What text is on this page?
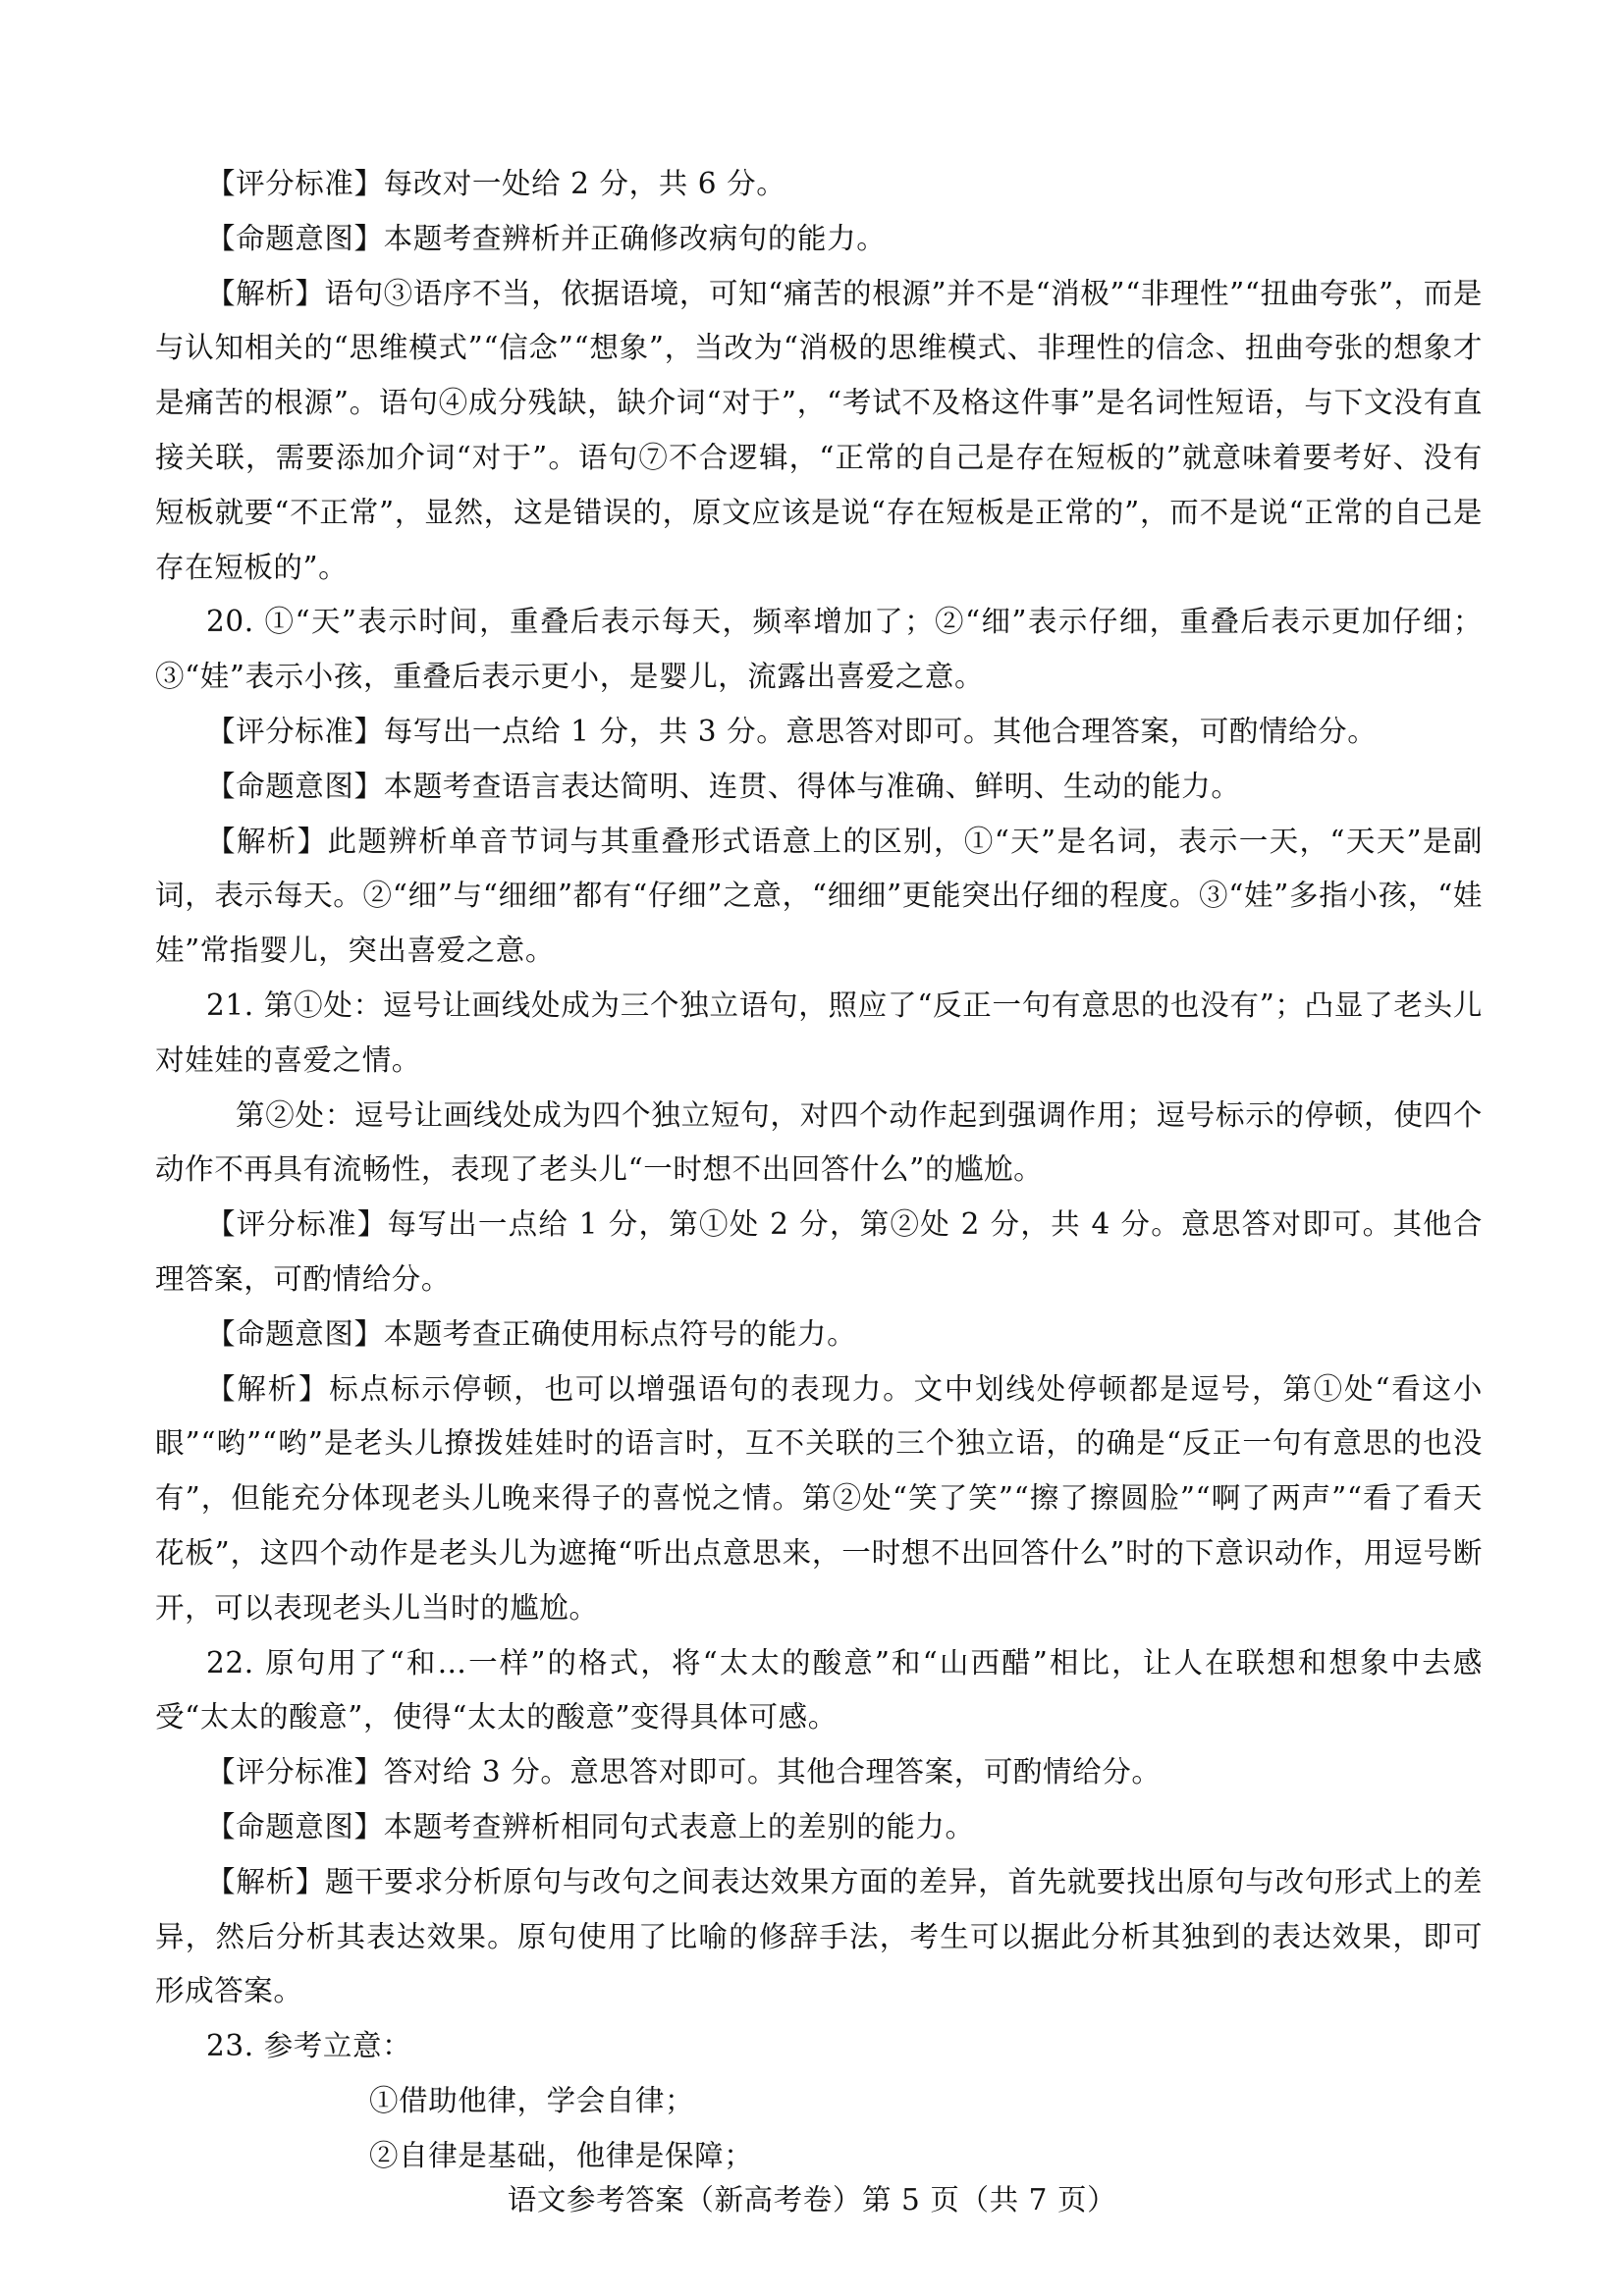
【评分标准】每改对一处给 2 分，共 6 分。

【命题意图】本题考查辨析并正确修改病句的能力。

【解析】语句③语序不当，依据语境，可知“痛苦的根源”并不是“消极”“非理性”“扭曲夸张”，而是与认知相关的“思维模式”“信念”“想象”，当改为“消极的思维模式、非理性的信念、扭曲夸张的想象才是痛苦的根源”。语句④成分残缺，缺介词“对于”，“考试不及格这件事”是名词性短语，与下文没有直接关联，需要添加介词“对于”。语句⑦不合逻辑，“正常的自己是存在短板的”就意味着要考好、没有短板就要“不正常”，显然，这是错误的，原文应该是说“存在短板是正常的”，而不是说“正常的自己是存在短板的”。

20. ①“天”表示时间，重叠后表示每天，频率增加了；②“细”表示仔细，重叠后表示更加仔细；③“娃”表示小孩，重叠后表示更小，是婴儿，流露出喜爱之意。

【评分标准】每写出一点给 1 分，共 3 分。意思答对即可。其他合理答案，可酌情给分。

【命题意图】本题考查语言表达简明、连贯、得体与准确、鲜明、生动的能力。

【解析】此题辨析单音节词与其重叠形式语意上的区别，①“天”是名词，表示一天，“天天”是副词，表示每天。②“细”与“细细”都有“仔细”之意，“细细”更能突出仔细的程度。③“娃”多指小孩，“娃娃”常指婴儿，突出喜爱之意。

21. 第①处：逗号让画线处成为三个独立语句，照应了“反正一句有意思的也没有”；凸显了老头儿对娃娃的喜爱之情。

第②处：逗号让画线处成为四个独立短句，对四个动作起到强调作用；逗号标示的停顿，使四个动作不再具有流畅性，表现了老头儿“一时想不出回答什么”的尴尬。

【评分标准】每写出一点给 1 分，第①处 2 分，第②处 2 分，共 4 分。意思答对即可。其他合理答案，可酌情给分。

【命题意图】本题考查正确使用标点符号的能力。

【解析】标点标示停顿，也可以增强语句的表现力。文中划线处停顿都是逗号，第①处“看这小眼”“哟”“哟”是老头儿撩拨娃娃时的语言时，互不关联的三个独立语，的确是“反正一句有意思的也没有”，但能充分体现老头儿晚来得子的喜悦之情。第②处“笑了笑”“擦了擦圆脸”“啊了两声”“看了看天花板”，这四个动作是老头儿为遮掩“听出点意思来，一时想不出回答什么”时的下意识动作，用逗号断开，可以表现老头儿当时的尴尬。

22. 原句用了“和…一样”的格式，将“太太的酸意”和“山西醋”相比，让人在联想和想象中去感受“太太的酸意”，使得“太太的酸意”变得具体可感。

【评分标准】答对给 3 分。意思答对即可。其他合理答案，可酌情给分。

【命题意图】本题考查辨析相同句式表意上的差别的能力。

【解析】题干要求分析原句与改句之间表达效果方面的差异，首先就要找出原句与改句形式上的差异，然后分析其表达效果。原句使用了比喻的修辞手法，考生可以据此分析其独到的表达效果，即可形成答案。

23. 参考立意：

①借助他律，学会自律；

②自律是基础，他律是保障；

语文参考答案（新高考卷）第 5 页（共 7 页）
